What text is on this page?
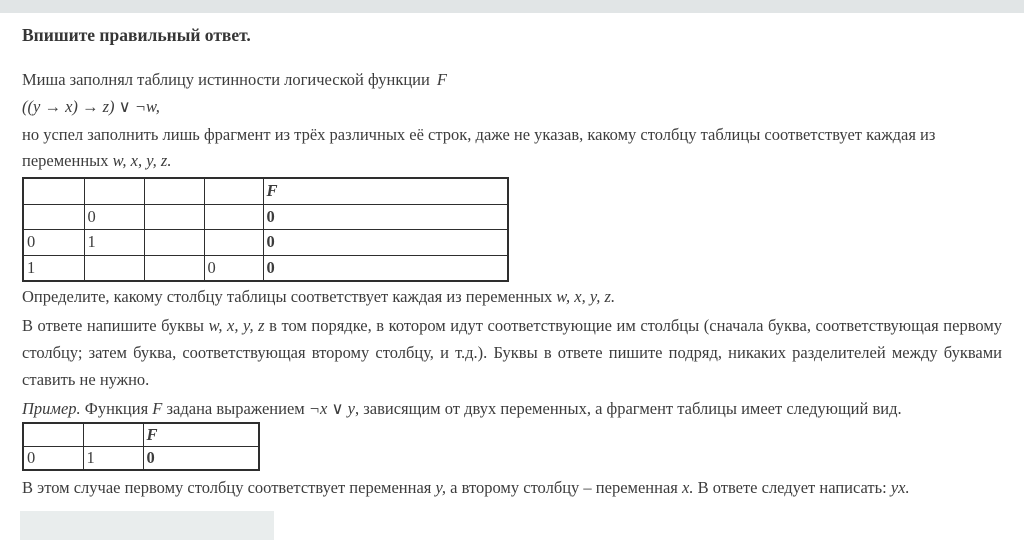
Впишите правильный ответ.

Миша заполнял таблицу истинности логической функции F

((y → x) → z) ∨ ¬w,

но успел заполнить лишь фрагмент из трёх различных её строк, даже не указав, какому столбцу таблицы соответствует каждая из переменных w, x, y, z.

				F
	0			0
0	1			0
1			0	0

Определите, какому столбцу таблицы соответствует каждая из переменных w, x, y, z.

В ответе напишите буквы w, x, y, z в том порядке, в котором идут соответствующие им столбцы (сначала буква, соответствующая первому столбцу; затем буква, соответствующая второму столбцу, и т.д.). Буквы в ответе пишите подряд, никаких разделителей между буквами ставить не нужно.

Пример. Функция F задана выражением ¬x ∨ y, зависящим от двух переменных, а фрагмент таблицы имеет следующий вид.

		F
0	1	0

В этом случае первому столбцу соответствует переменная y, а второму столбцу – переменная x. В ответе следует написать: yx.
